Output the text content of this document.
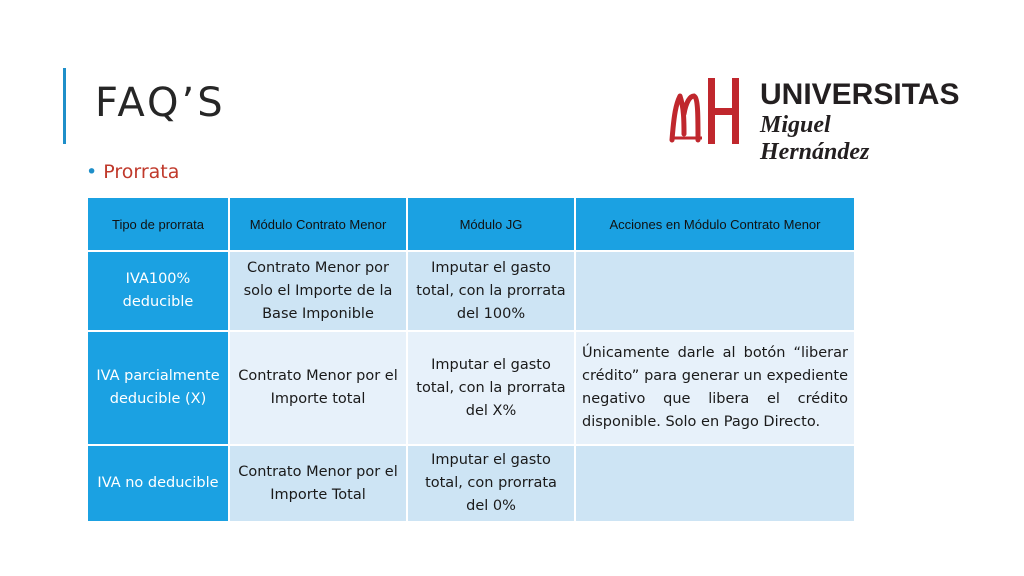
FAQ’S	UNIVERSITAS
Miguel Hernández
• Prorrata
Tipo de prorrata	Módulo Contrato Menor	Módulo JG	Acciones en Módulo Contrato Menor
IVA100% deducible	Contrato Menor por solo el Importe de la Base Imponible	Imputar el gasto total, con la prorrata del 100%	
IVA parcialmente deducible (X)	Contrato Menor por el Importe total	Imputar el gasto total, con la prorrata del X%	Únicamente darle al botón “liberar crédito” para generar un expediente negativo que libera el crédito disponible. Solo en Pago Directo.
IVA no deducible	Contrato Menor por el Importe Total	Imputar el gasto total, con prorrata del 0%	
